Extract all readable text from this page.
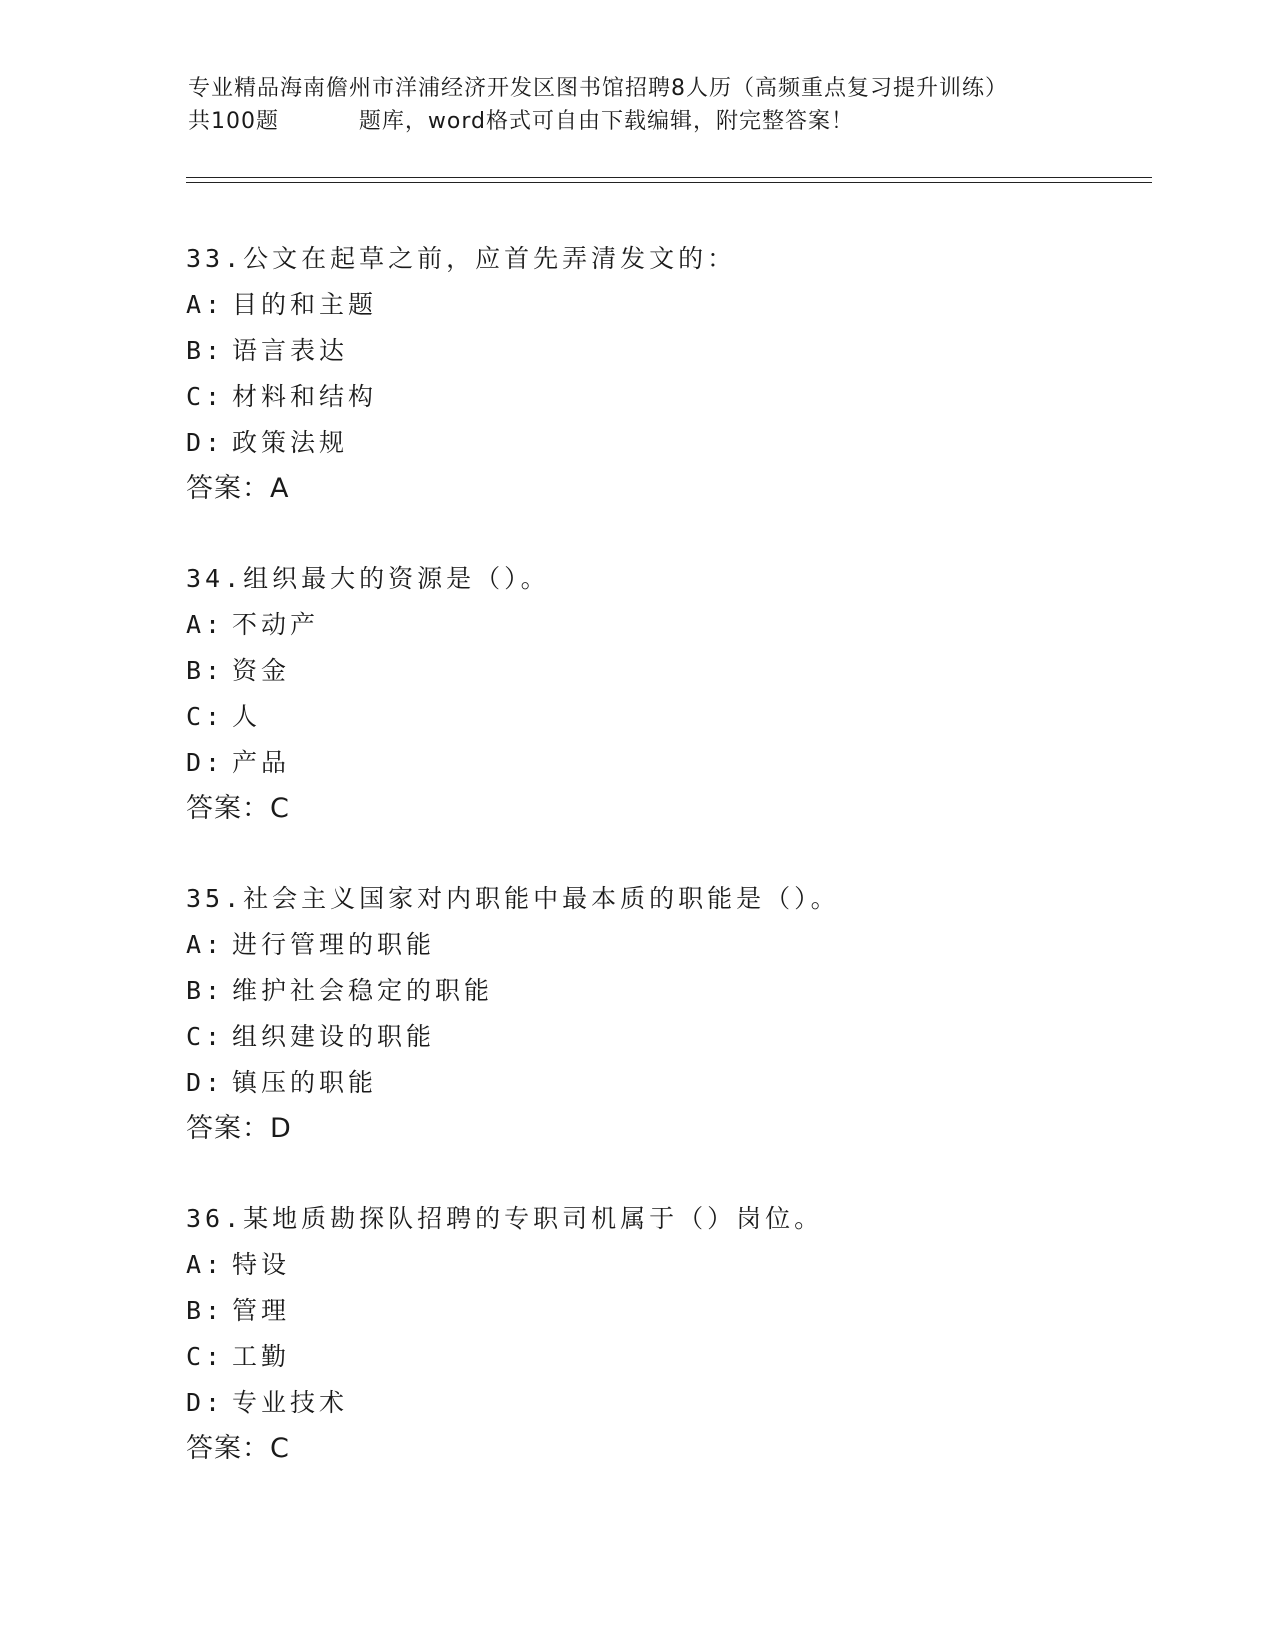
专业精品海南儋州市洋浦经济开发区图书馆招聘8人历（高频重点复习提升训练）
共100题          题库，word格式可自由下载编辑，附完整答案！
33.公文在起草之前，应首先弄清发文的：
A: 目的和主题
B: 语言表达
C: 材料和结构
D: 政策法规
答案：A
34.组织最大的资源是（）。
A: 不动产
B: 资金
C: 人
D: 产品
答案：C
35.社会主义国家对内职能中最本质的职能是（）。
A: 进行管理的职能
B: 维护社会稳定的职能
C: 组织建设的职能
D: 镇压的职能
答案：D
36.某地质勘探队招聘的专职司机属于（）岗位。
A: 特设
B: 管理
C: 工勤
D: 专业技术
答案：C
